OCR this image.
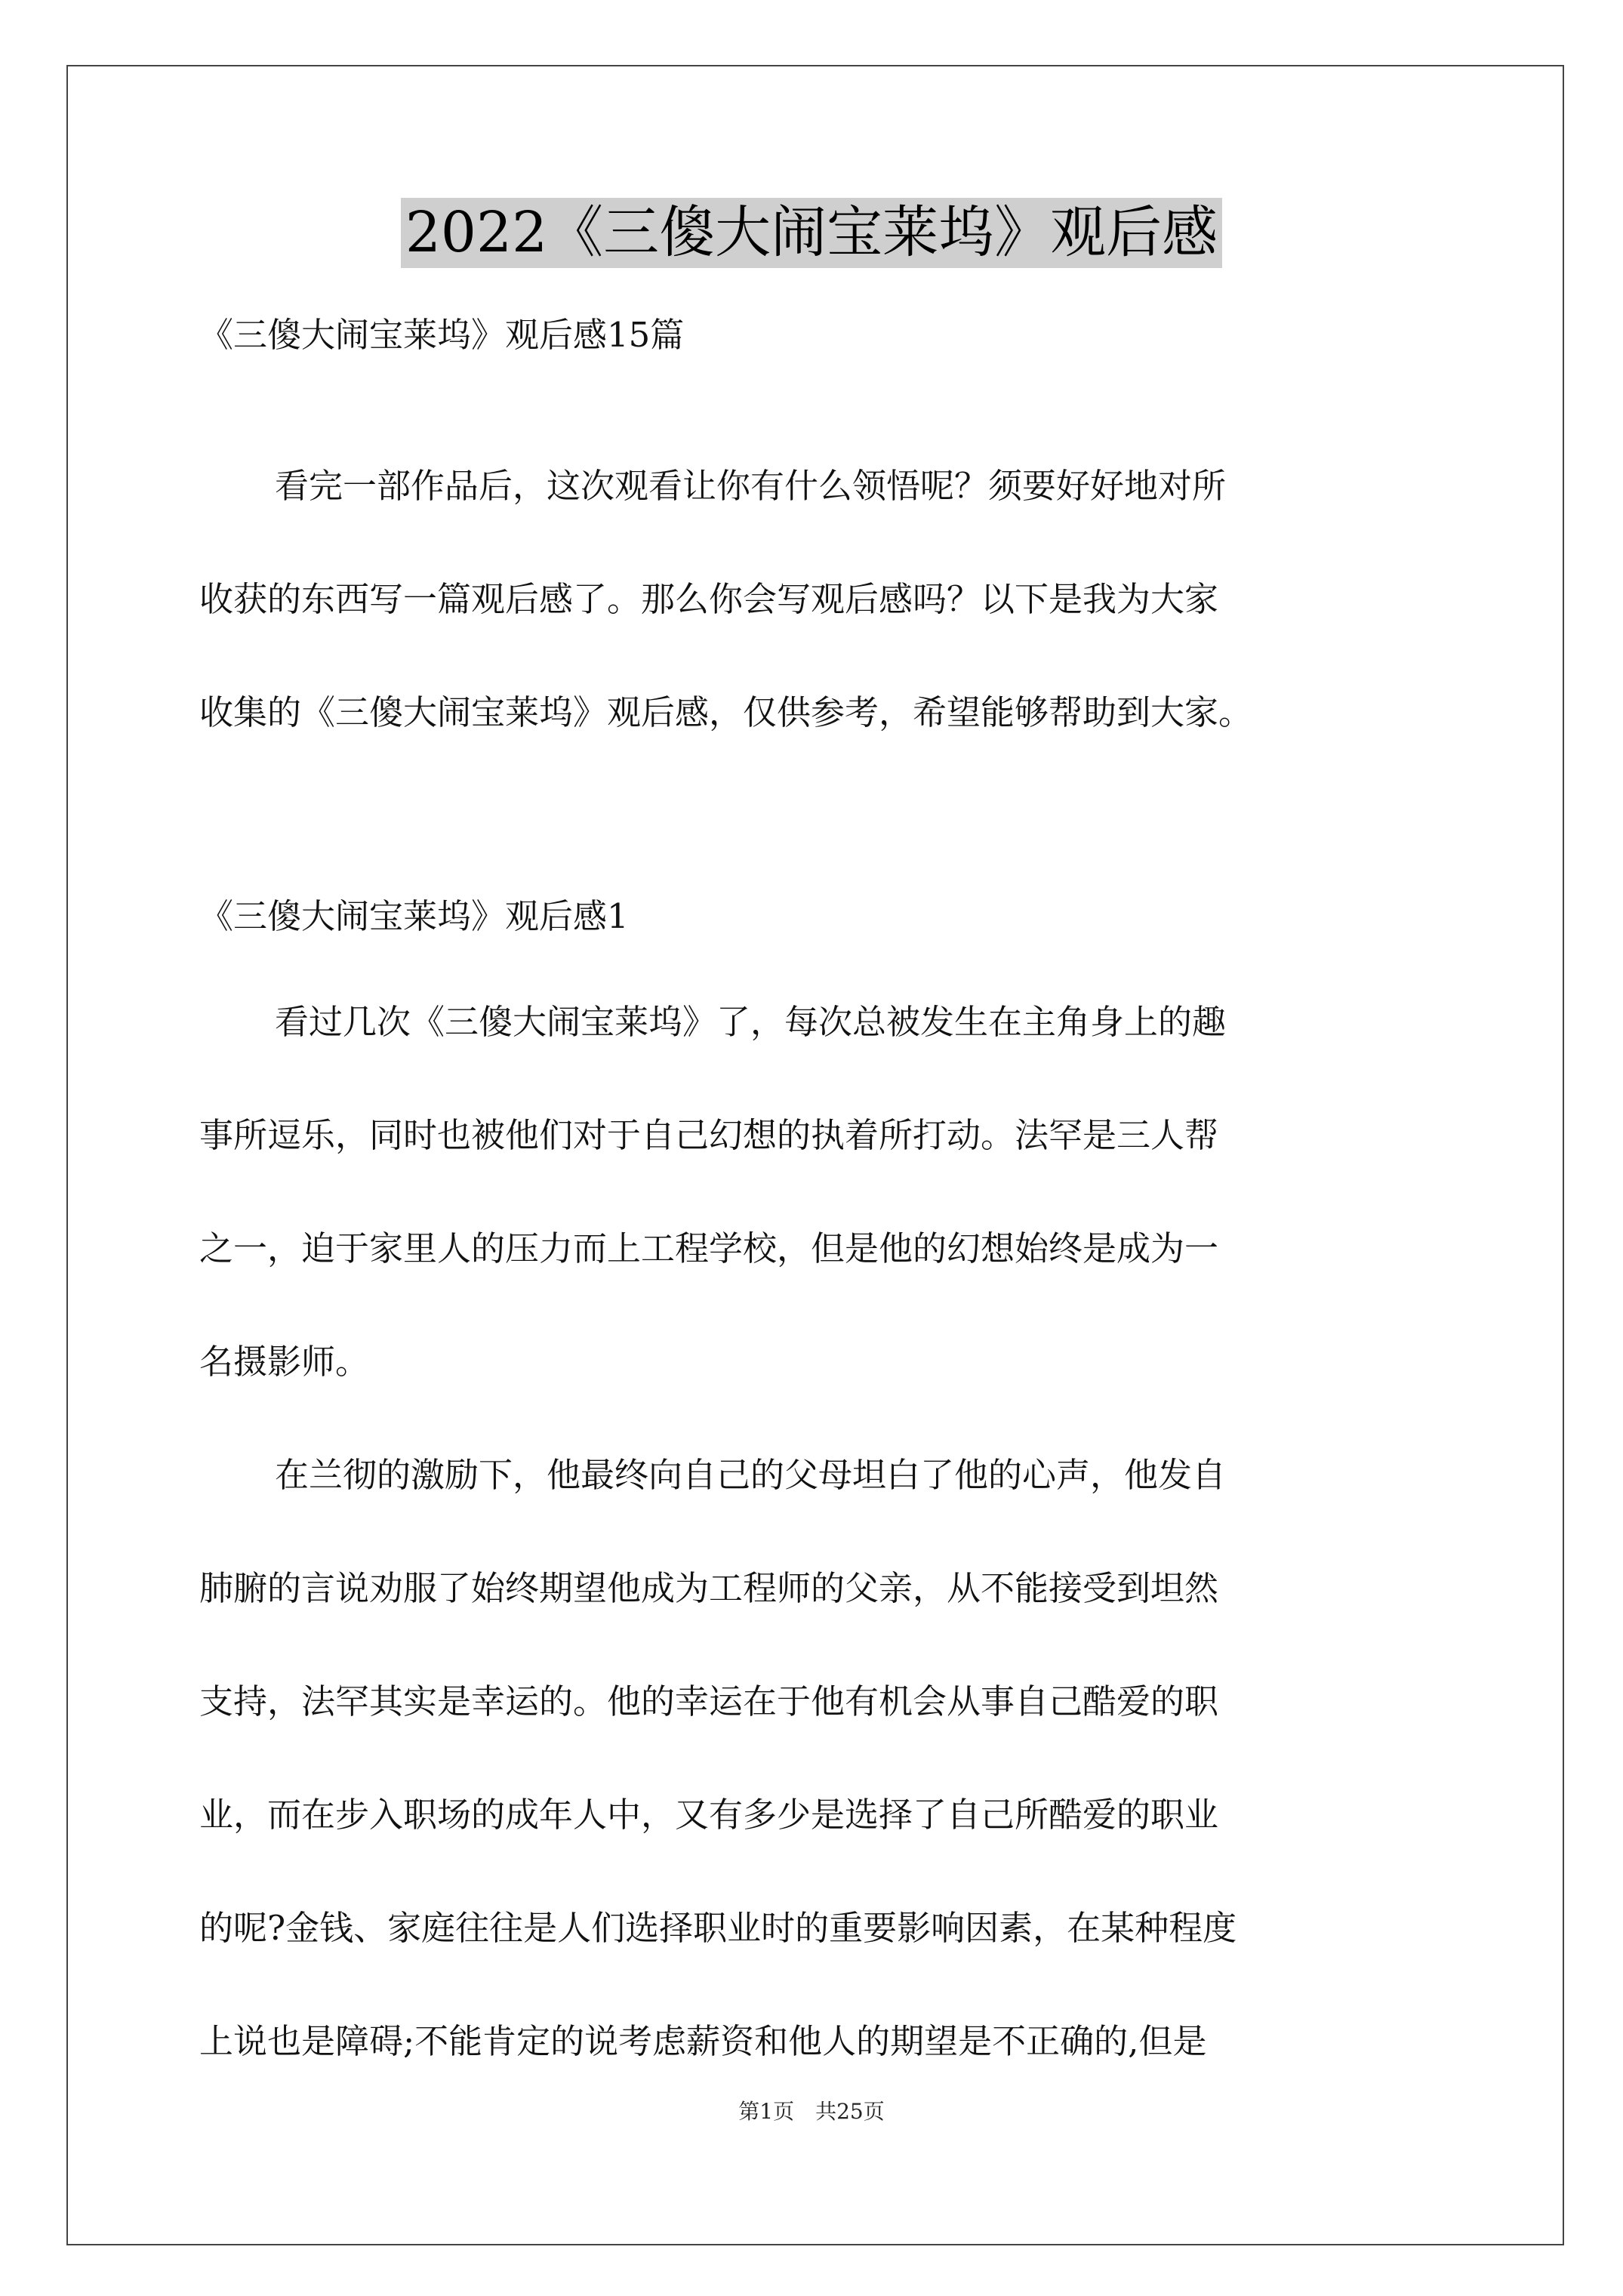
2022《三傻大闹宝莱坞》观后感
《三傻大闹宝莱坞》观后感15篇
看完一部作品后，这次观看让你有什么领悟呢？须要好好地对所
收获的东西写一篇观后感了。那么你会写观后感吗？以下是我为大家
收集的《三傻大闹宝莱坞》观后感，仅供参考，希望能够帮助到大家。
《三傻大闹宝莱坞》观后感1
看过几次《三傻大闹宝莱坞》了，每次总被发生在主角身上的趣
事所逗乐，同时也被他们对于自己幻想的执着所打动。法罕是三人帮
之一，迫于家里人的压力而上工程学校，但是他的幻想始终是成为一
名摄影师。
在兰彻的激励下，他最终向自己的父母坦白了他的心声，他发自
肺腑的言说劝服了始终期望他成为工程师的父亲，从不能接受到坦然
支持，法罕其实是幸运的。他的幸运在于他有机会从事自己酷爱的职
业，而在步入职场的成年人中，又有多少是选择了自己所酷爱的职业
的呢?金钱、家庭往往是人们选择职业时的重要影响因素，在某种程度
上说也是障碍;不能肯定的说考虑薪资和他人的期望是不正确的,但是
第1页　共25页
